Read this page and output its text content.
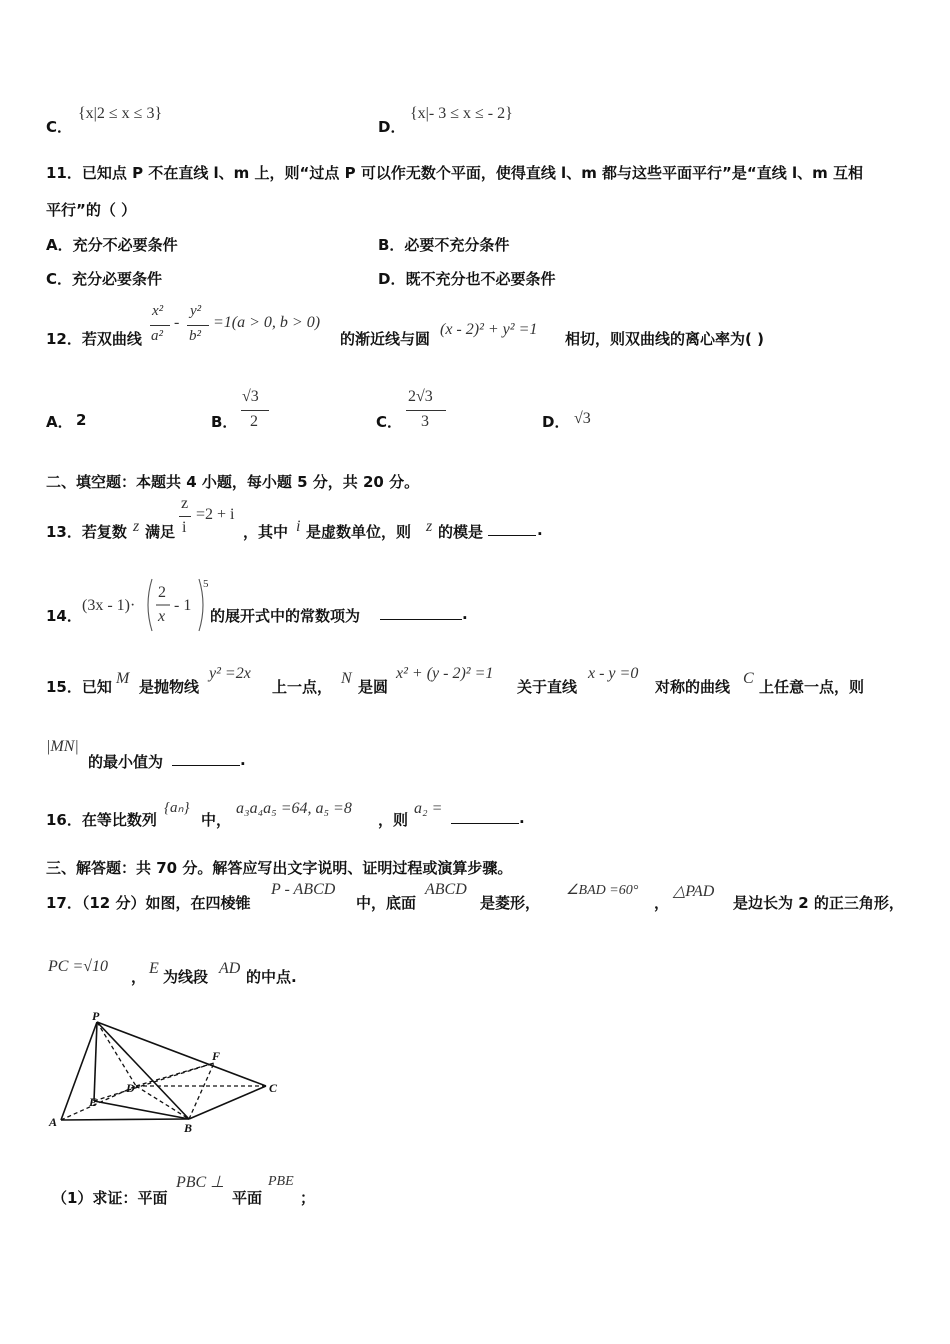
C．
{x|2 ≤ x ≤ 3}
D．
{x|- 3 ≤ x ≤ - 2}
11．已知点 P 不在直线 l、m 上，则“过点 P 可以作无数个平面，使得直线 l、m 都与这些平面平行”是“直线 l、m 互相
平行”的（ ）
A．充分不必要条件	B．必要不充分条件
C．充分必要条件	D．既不充分也不必要条件
12．若双曲线
x²
a²
-
y²
b²
=1(a > 0, b > 0)
的渐近线与圆
(x - 2)² + y² =1
相切，则双曲线的离心率为( )
A． 2	B．
√3
2	C．
2√3
3	D． √3
二、填空题：本题共 4 小题，每小题 5 分，共 20 分。
13．若复数 z 满足
z
i
=2 + i
，其中 i 是虚数单位，则 z 的模是	.
14．
(3x - 1)·
2
x
- 1
5
的展开式中的常数项为	.
15．已知 M 是抛物线
y² =2x
上一点， N 是圆
x² + (y - 2)² =1
关于直线
x - y =0
对称的曲线 C 上任意一点，则
|MN|
的最小值为	.
16．在等比数列
{aₙ}
中，
a₃a₄a₅ =64, a₅ =8
，则
a₂ =
.
三、解答题：共 70 分。解答应写出文字说明、证明过程或演算步骤。
17．（12 分）如图，在四棱锥
P - ABCD
中，底面
ABCD
是菱形，
∠BAD =60°
，
△PAD
是边长为 2 的正三角形，
PC =√10
， E 为线段 AD 的中点.
P
F
D
E
C
A	B
（1）求证：平面
PBC ⊥
平面
PBE
；
